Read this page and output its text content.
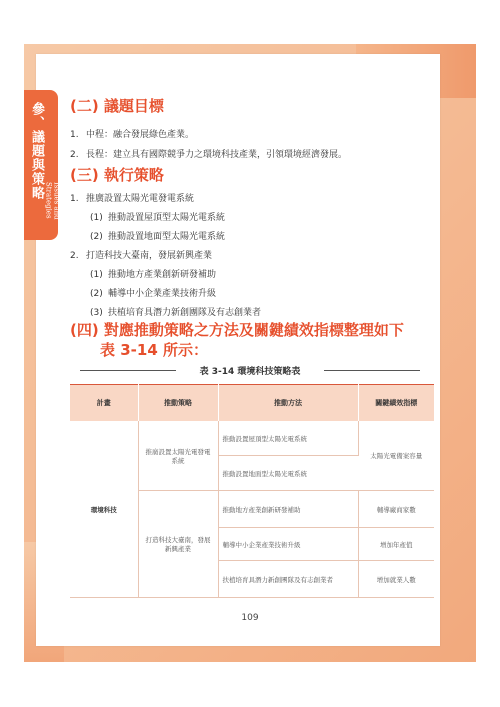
參、議題與策略
Issues and Strategies
(二) 議題目標
1. 中程：融合發展綠色產業。
2. 長程：建立具有國際競爭力之環境科技產業，引領環境經濟發展。
(三) 執行策略
1. 推廣設置太陽光電發電系統
(1) 推動設置屋頂型太陽光電系統
(2) 推動設置地面型太陽光電系統
2. 打造科技大臺南，發展新興產業
(1) 推動地方產業創新研發補助
(2) 輔導中小企業產業技術升級
(3) 扶植培育具潛力新創團隊及有志創業者
(四) 對應推動策略之方法及關鍵績效指標整理如下
表 3-14 所示：
表 3-14 環境科技策略表
計畫	推動策略	推動方法	關鍵績效指標
環境科技	推廣設置太陽光電發電系統	推動設置屋頂型太陽光電系統	太陽光電備案容量
		推動設置地面型太陽光電系統	
	打造科技大臺南，發展新興產業	推動地方產業創新研發補助	輔導廠商家數
		輔導中小企業產業技術升級	增加年產值
		扶植培育具潛力新創團隊及有志創業者	增加就業人數
109
